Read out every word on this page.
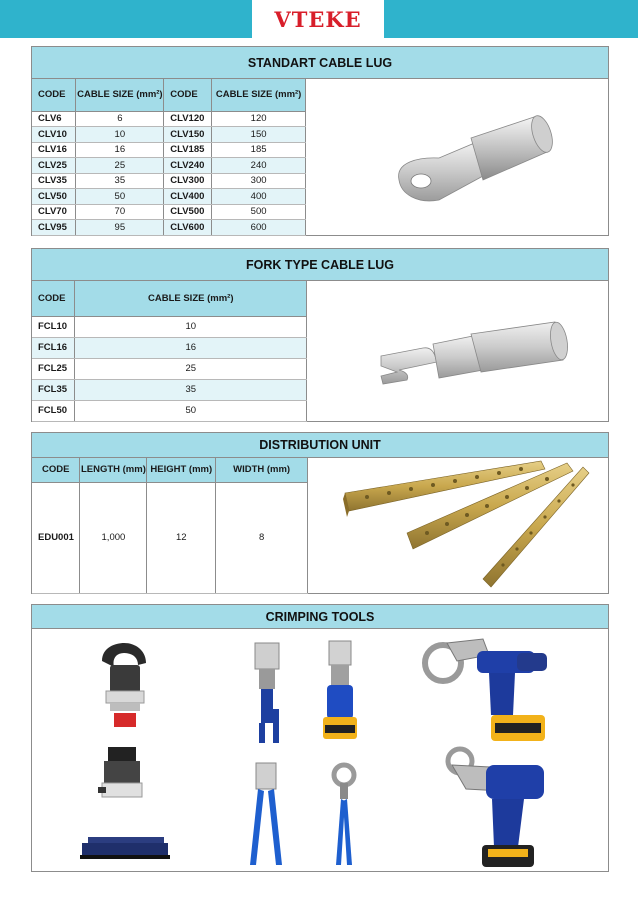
VTEKE
STANDART CABLE LUG
CODE	CABLE SIZE (mm²)	CODE	CABLE SIZE (mm²)
CLV6	6	CLV120	120
CLV10	10	CLV150	150
CLV16	16	CLV185	185
CLV25	25	CLV240	240
CLV35	35	CLV300	300
CLV50	50	CLV400	400
CLV70	70	CLV500	500
CLV95	95	CLV600	600
FORK TYPE CABLE LUG
CODE	CABLE SIZE (mm²)
FCL10	10
FCL16	16
FCL25	25
FCL35	35
FCL50	50
DISTRIBUTION UNIT
CODE	LENGTH (mm)	HEIGHT (mm)	WIDTH (mm)
EDU001	1,000	12	8
CRIMPING TOOLS
